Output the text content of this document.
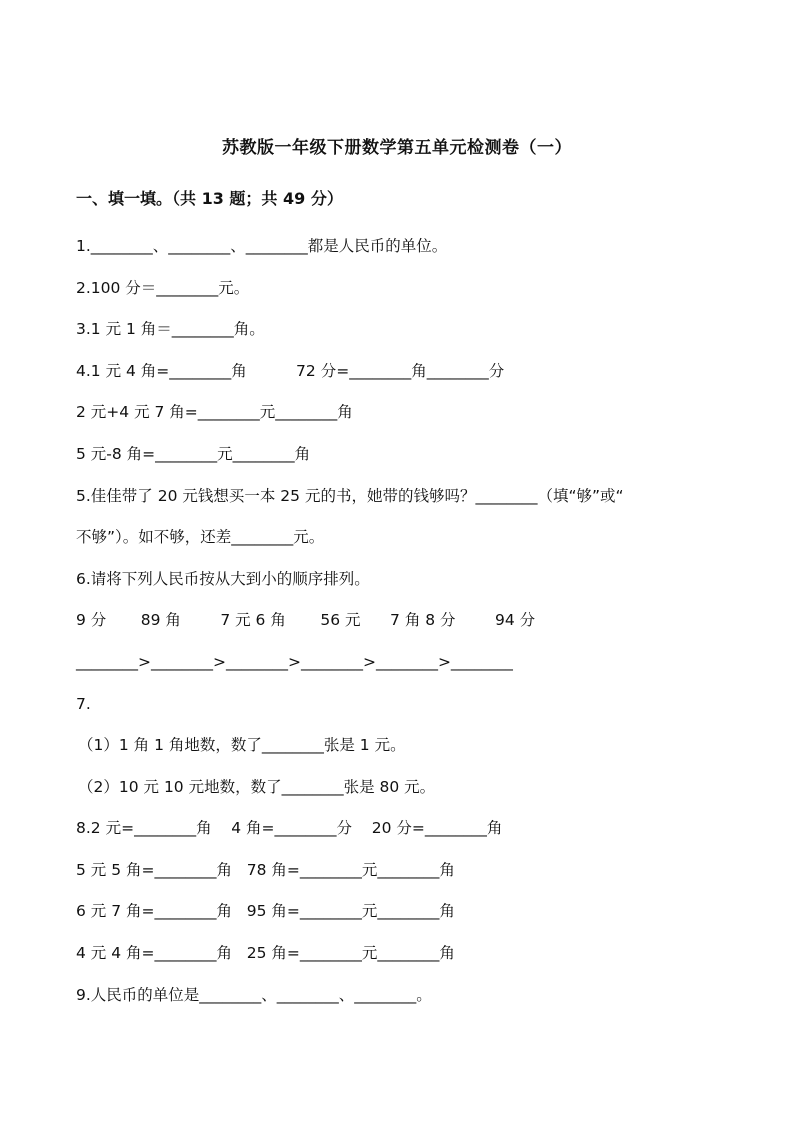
苏教版一年级下册数学第五单元检测卷（一）
一、填一填。（共 13 题；共 49 分）
1.________、________、________都是人民币的单位。
2.100 分＝________元。
3.1 元 1 角＝________角。
4.1 元 4 角=________角          72 分=________角________分
2 元+4 元 7 角=________元________角
5 元-8 角=________元________角
5.佳佳带了 20 元钱想买一本 25 元的书，她带的钱够吗？________（填“够”或“
不够”）。如不够，还差________元。
6.请将下列人民币按从大到小的顺序排列。
9 分       89 角        7 元 6 角       56 元      7 角 8 分        94 分
________>________>________>________>________>________
7.
（1）1 角 1 角地数，数了________张是 1 元。
（2）10 元 10 元地数，数了________张是 80 元。
8.2 元=________角    4 角=________分    20 分=________角
5 元 5 角=________角   78 角=________元________角
6 元 7 角=________角   95 角=________元________角
4 元 4 角=________角   25 角=________元________角
9.人民币的单位是________、________、________。
